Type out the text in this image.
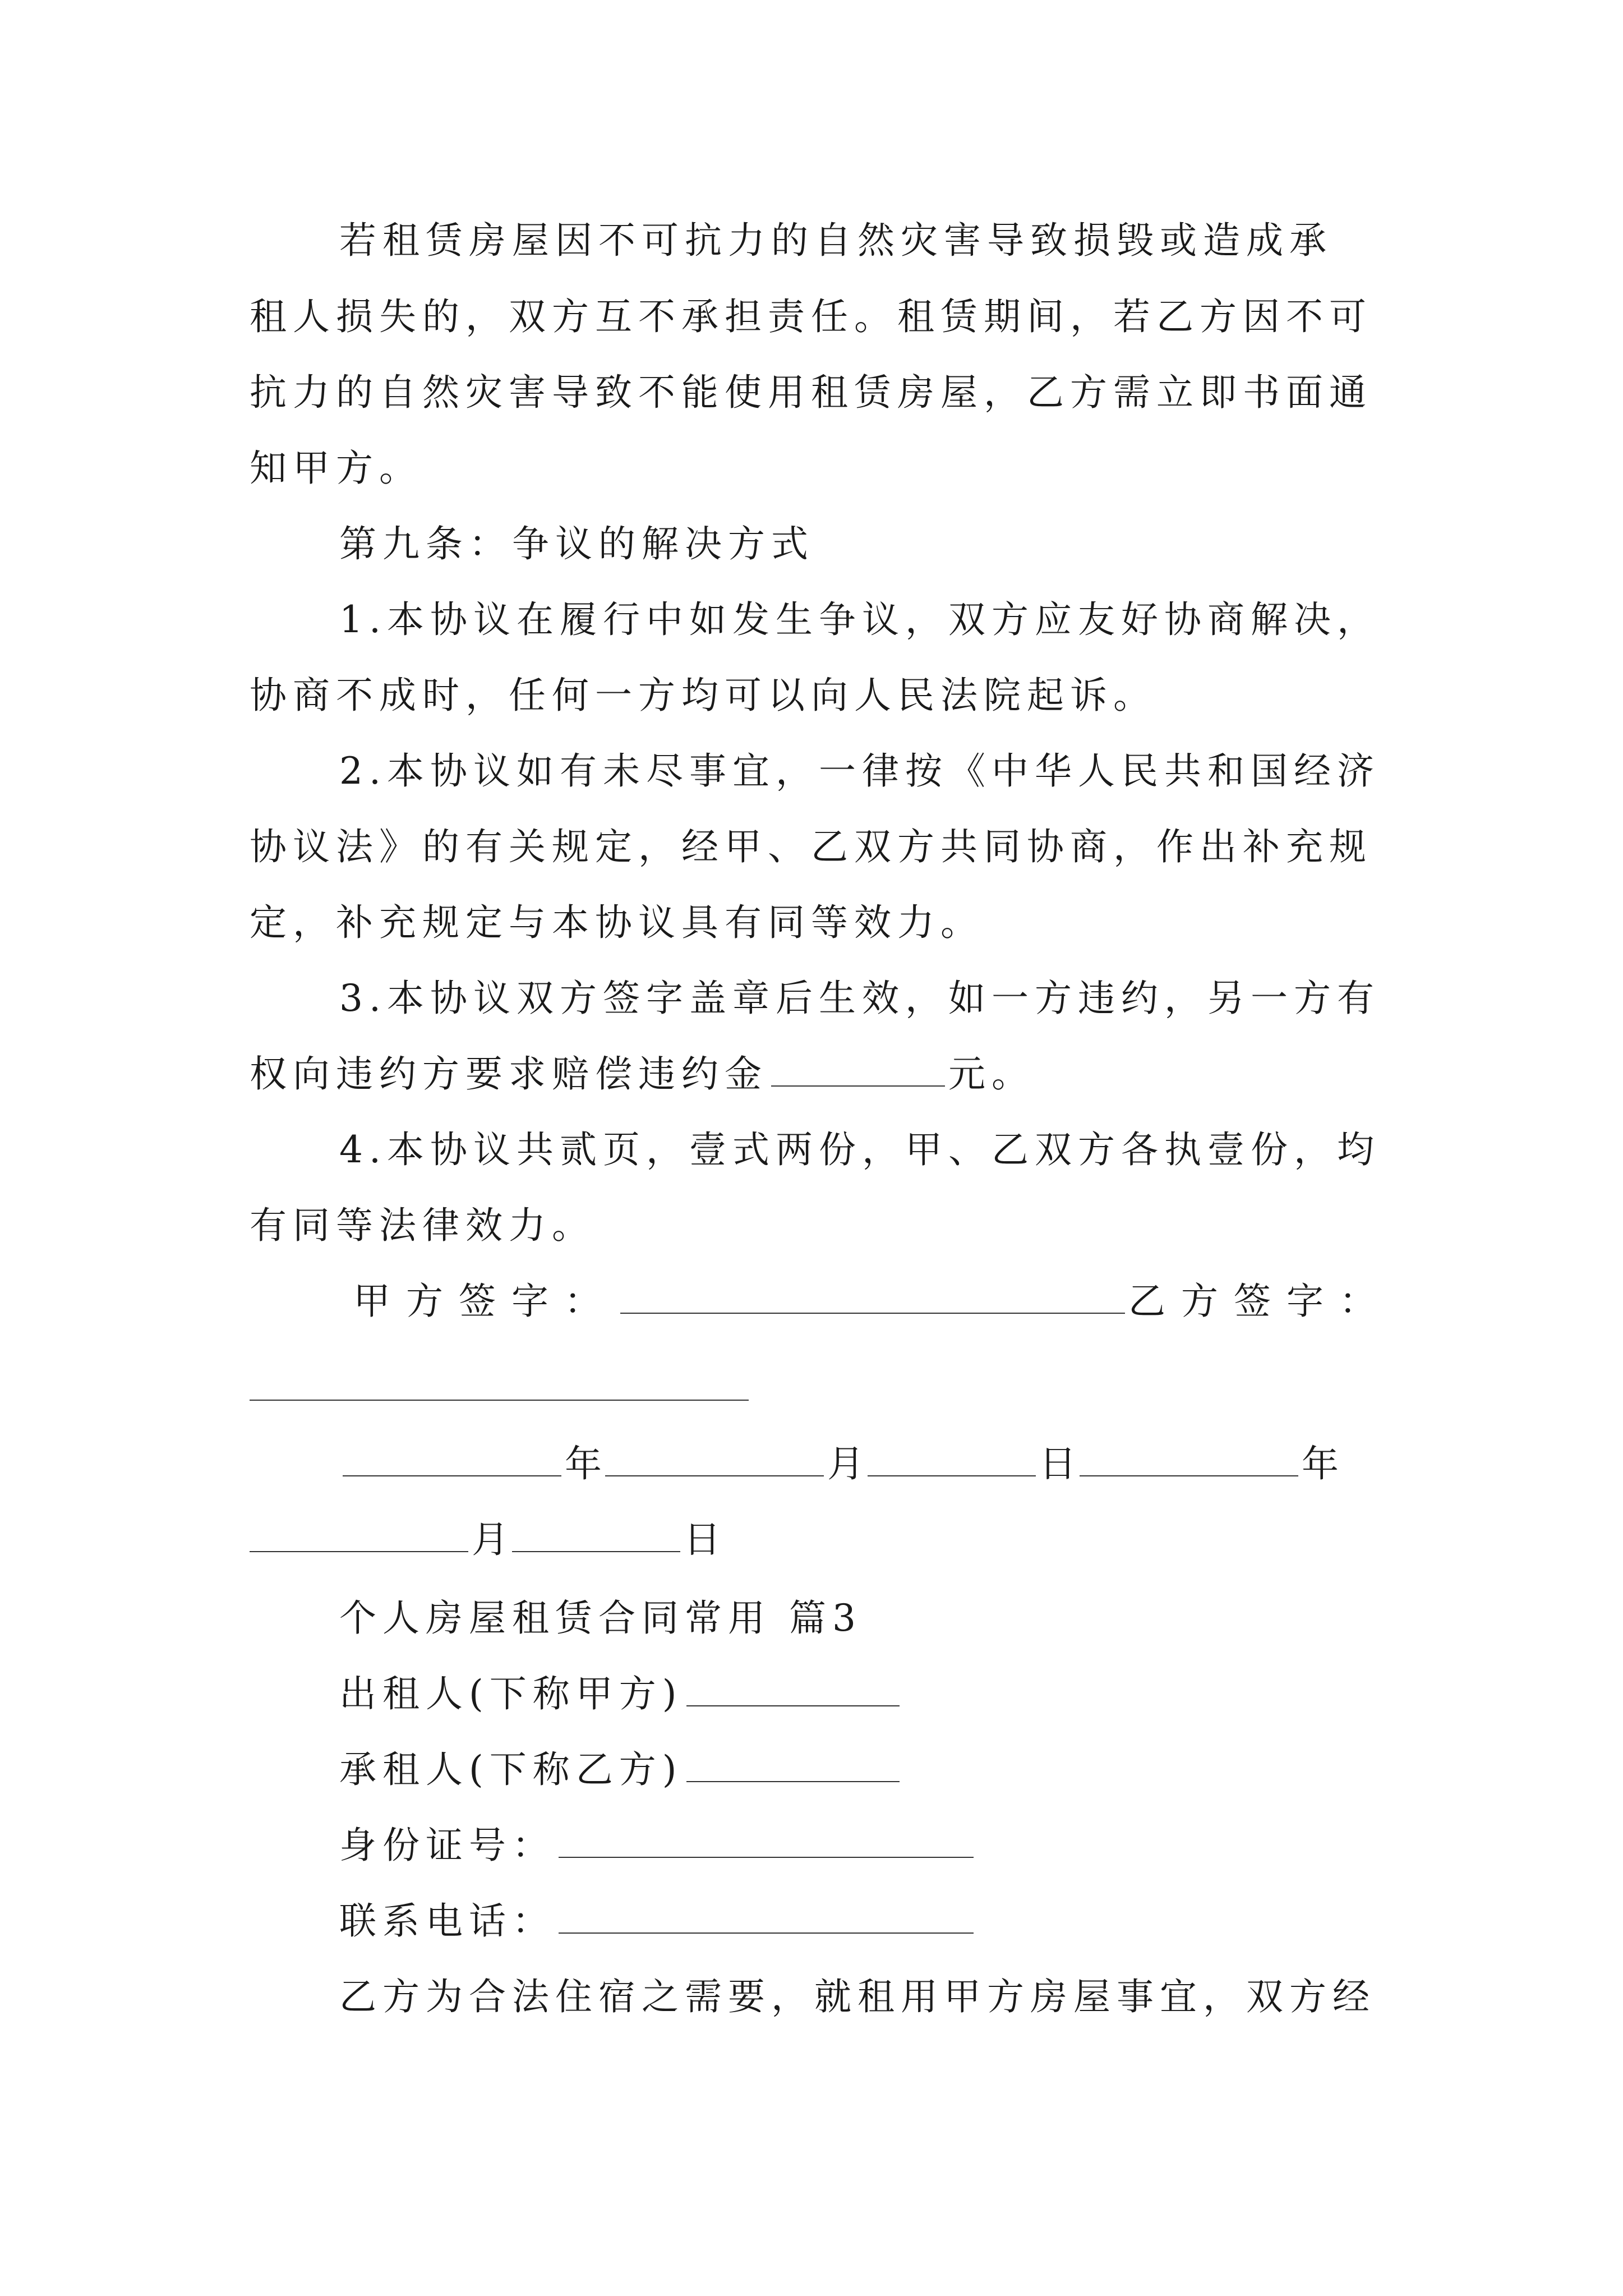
若租赁房屋因不可抗力的自然灾害导致损毁或造成承
租人损失的，双方互不承担责任。租赁期间，若乙方因不可
抗力的自然灾害导致不能使用租赁房屋，乙方需立即书面通
知甲方。
第九条：争议的解决方式
1.本协议在履行中如发生争议，双方应友好协商解决，
协商不成时，任何一方均可以向人民法院起诉。
2.本协议如有未尽事宜，一律按《中华人民共和国经济
协议法》的有关规定，经甲、乙双方共同协商，作出补充规
定，补充规定与本协议具有同等效力。
3.本协议双方签字盖章后生效，如一方违约，另一方有
权向违约方要求赔偿违约金	元。
4.本协议共贰页，壹式两份，甲、乙双方各执壹份，均
有同等法律效力。
甲方签字：	乙方签字：
年	月	日	年
月	日
个人房屋租赁合同常用 篇3
出租人(下称甲方)
承租人(下称乙方)
身份证号：
联系电话：
乙方为合法住宿之需要，就租用甲方房屋事宜，双方经
